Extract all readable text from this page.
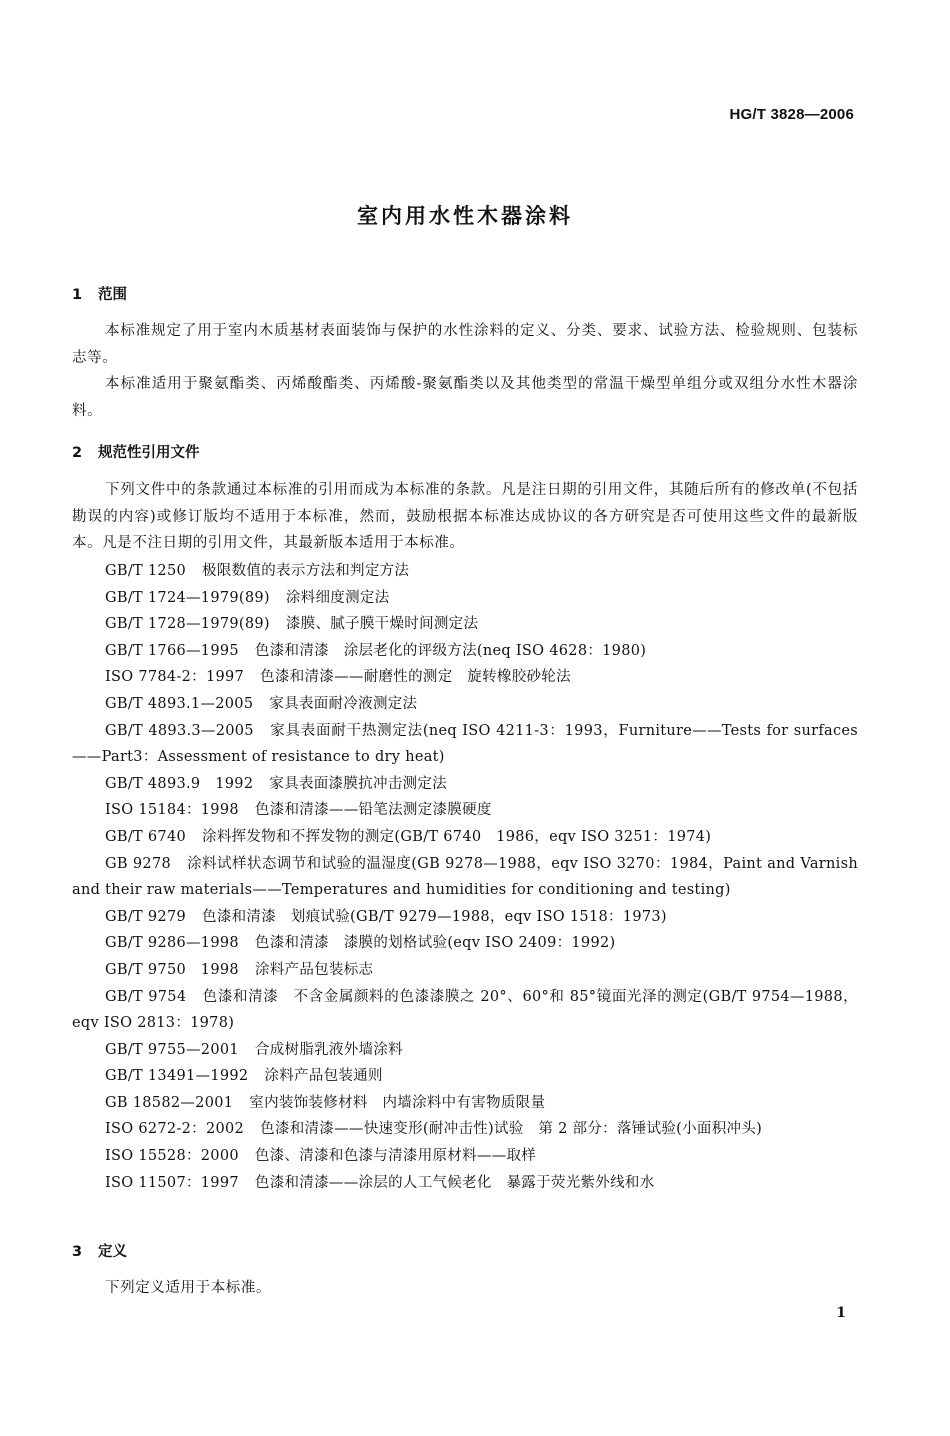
HG/T 3828—2006
室内用水性木器涂料
1 范围
本标准规定了用于室内木质基材表面装饰与保护的水性涂料的定义、分类、要求、试验方法、检验规则、包装标志等。
本标准适用于聚氨酯类、丙烯酸酯类、丙烯酸-聚氨酯类以及其他类型的常温干燥型单组分或双组分水性木器涂料。
2 规范性引用文件
下列文件中的条款通过本标准的引用而成为本标准的条款。凡是注日期的引用文件，其随后所有的修改单(不包括勘误的内容)或修订版均不适用于本标准，然而，鼓励根据本标准达成协议的各方研究是否可使用这些文件的最新版本。凡是不注日期的引用文件，其最新版本适用于本标准。
GB/T 1250 极限数值的表示方法和判定方法
GB/T 1724—1979(89) 涂料细度测定法
GB/T 1728—1979(89) 漆膜、腻子膜干燥时间测定法
GB/T 1766—1995 色漆和清漆　涂层老化的评级方法(neq ISO 4628：1980)
ISO 7784-2：1997 色漆和清漆——耐磨性的测定　旋转橡胶砂轮法
GB/T 4893.1—2005 家具表面耐冷液测定法
GB/T 4893.3—2005 家具表面耐干热测定法(neq ISO 4211-3：1993，Furniture——Tests for surfaces——Part3：Assessment of resistance to dry heat)
GB/T 4893.9　1992 家具表面漆膜抗冲击测定法
ISO 15184：1998 色漆和清漆——铅笔法测定漆膜硬度
GB/T 6740 涂料挥发物和不挥发物的测定(GB/T 6740　1986，eqv ISO 3251：1974)
GB 9278 涂料试样状态调节和试验的温湿度(GB 9278—1988，eqv ISO 3270：1984，Paint and Varnish and their raw materials——Temperatures and humidities for conditioning and testing)
GB/T 9279 色漆和清漆　划痕试验(GB/T 9279—1988，eqv ISO 1518：1973)
GB/T 9286—1998 色漆和清漆　漆膜的划格试验(eqv ISO 2409：1992)
GB/T 9750　1998 涂料产品包装标志
GB/T 9754 色漆和清漆　不含金属颜料的色漆漆膜之 20°、60°和 85°镜面光泽的测定(GB/T 9754—1988，eqv ISO 2813：1978)
GB/T 9755—2001 合成树脂乳液外墙涂料
GB/T 13491—1992 涂料产品包装通则
GB 18582—2001 室内装饰装修材料　内墙涂料中有害物质限量
ISO 6272-2：2002 色漆和清漆——快速变形(耐冲击性)试验　第 2 部分：落锤试验(小面积冲头)
ISO 15528：2000 色漆、清漆和色漆与清漆用原材料——取样
ISO 11507：1997 色漆和清漆——涂层的人工气候老化　暴露于荧光紫外线和水
3 定义
下列定义适用于本标准。
1
